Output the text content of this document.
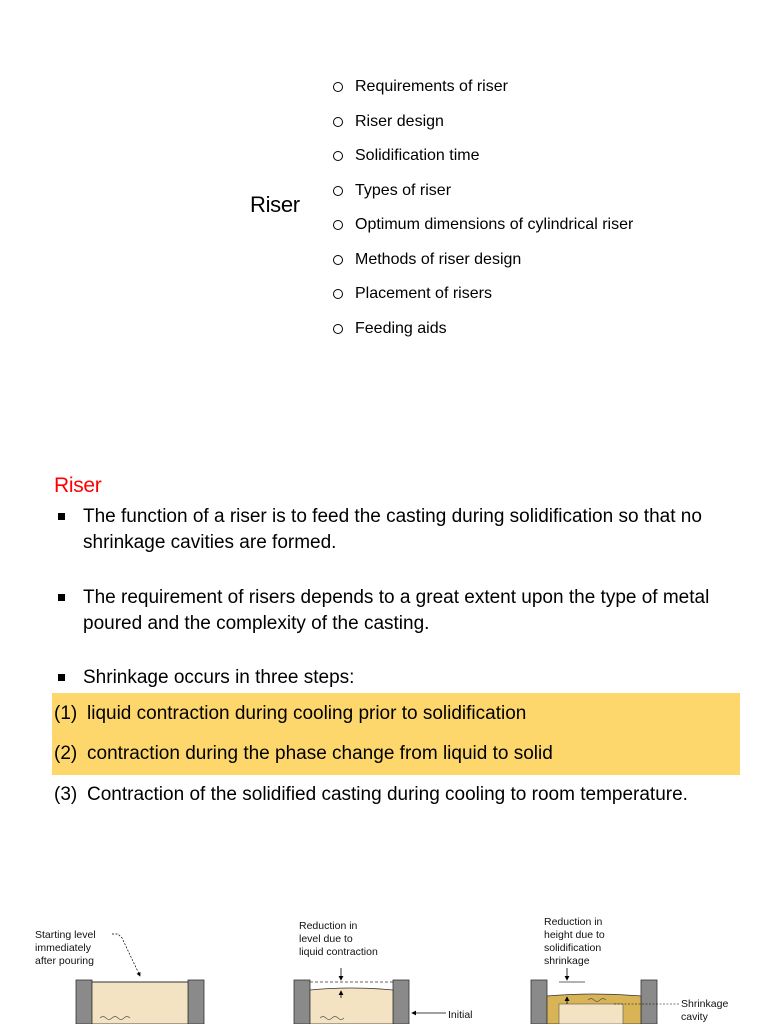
Riser
Requirements of riser
Riser design
Solidification time
Types of riser
Optimum dimensions of cylindrical riser
Methods of riser design
Placement of risers
Feeding aids
Riser
The function of a riser is to feed the casting during solidification so that no shrinkage cavities are formed.
The requirement of risers depends to a great extent upon the type of metal poured and the complexity of the casting.
Shrinkage occurs in three steps:
(1) liquid contraction during cooling prior to solidification
(2) contraction during the phase change from liquid to solid
(3) Contraction of the solidified casting during cooling to room temperature.
Starting level
immediately
after pouring
Reduction in
level due to
liquid contraction
Initial
Reduction in
height due to
solidification
shrinkage
Shrinkage
cavity
